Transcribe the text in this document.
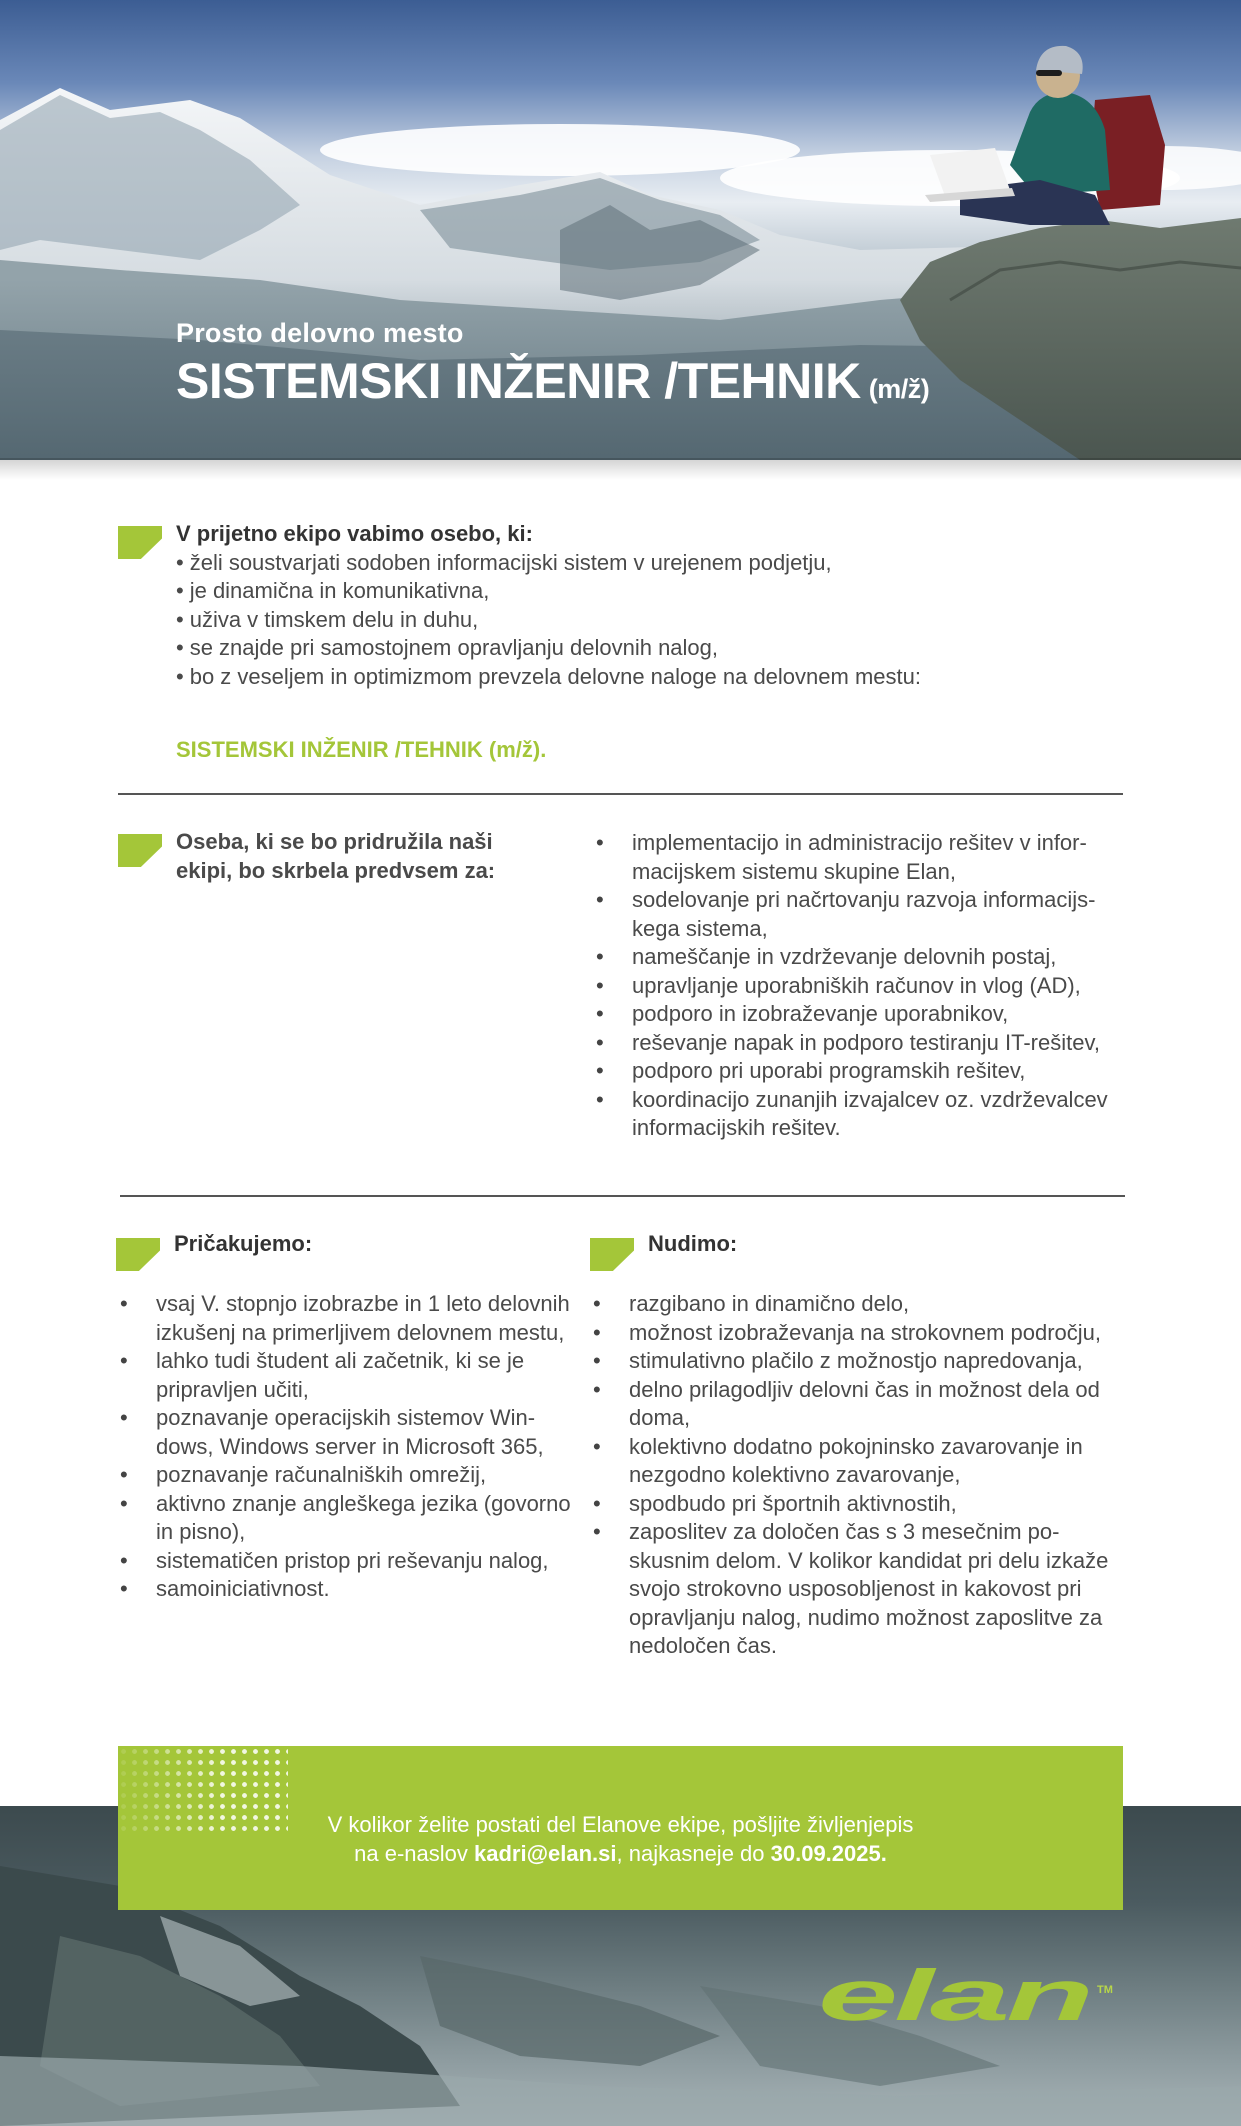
Prosto delovno mesto
SISTEMSKI INŽENIR /TEHNIK (m/ž)
V prijetno ekipo vabimo osebo, ki:
• želi soustvarjati sodoben informacijski sistem v urejenem podjetju,
• je dinamična in komunikativna,
• uživa v timskem delu in duhu,
• se znajde pri samostojnem opravljanju delovnih nalog,
• bo z veseljem in optimizmom prevzela delovne naloge na delovnem mestu:
SISTEMSKI INŽENIR /TEHNIK (m/ž).
Oseba, ki se bo pridružila naši
ekipi, bo skrbela predvsem za:
• implementacijo in administracijo rešitev v infor-macijskem sistemu skupine Elan,
• sodelovanje pri načrtovanju razvoja informacijs-kega sistema,
• nameščanje in vzdrževanje delovnih postaj,
• upravljanje uporabniških računov in vlog (AD),
• podporo in izobraževanje uporabnikov,
• reševanje napak in podporo testiranju IT-rešitev,
• podporo pri uporabi programskih rešitev,
• koordinacijo zunanjih izvajalcev oz. vzdrževalcev informacijskih rešitev.
Pričakujemo:	Nudimo:
• vsaj V. stopnjo izobrazbe in 1 leto delovnih izkušenj na primerljivem delovnem mestu,
• lahko tudi študent ali začetnik, ki se je pripravljen učiti,
• poznavanje operacijskih sistemov Win-dows, Windows server in Microsoft 365,
• poznavanje računalniških omrežij,
• aktivno znanje angleškega jezika (govorno in pisno),
• sistematičen pristop pri reševanju nalog,
• samoiniciativnost.
• razgibano in dinamično delo,
• možnost izobraževanja na strokovnem področju,
• stimulativno plačilo z možnostjo napredovanja,
• delno prilagodljiv delovni čas in možnost dela od doma,
• kolektivno dodatno pokojninsko zavarovanje in nezgodno kolektivno zavarovanje,
• spodbudo pri športnih aktivnostih,
• zaposlitev za določen čas s 3 mesečnim po-skusnim delom. V kolikor kandidat pri delu izkaže svojo strokovno usposobljenost in kakovost pri opravljanju nalog, nudimo možnost zaposlitve za nedoločen čas.
V kolikor želite postati del Elanove ekipe, pošljite življenjepis
na e-naslov kadri@elan.si, najkasneje do 30.09.2025.
elan TM
